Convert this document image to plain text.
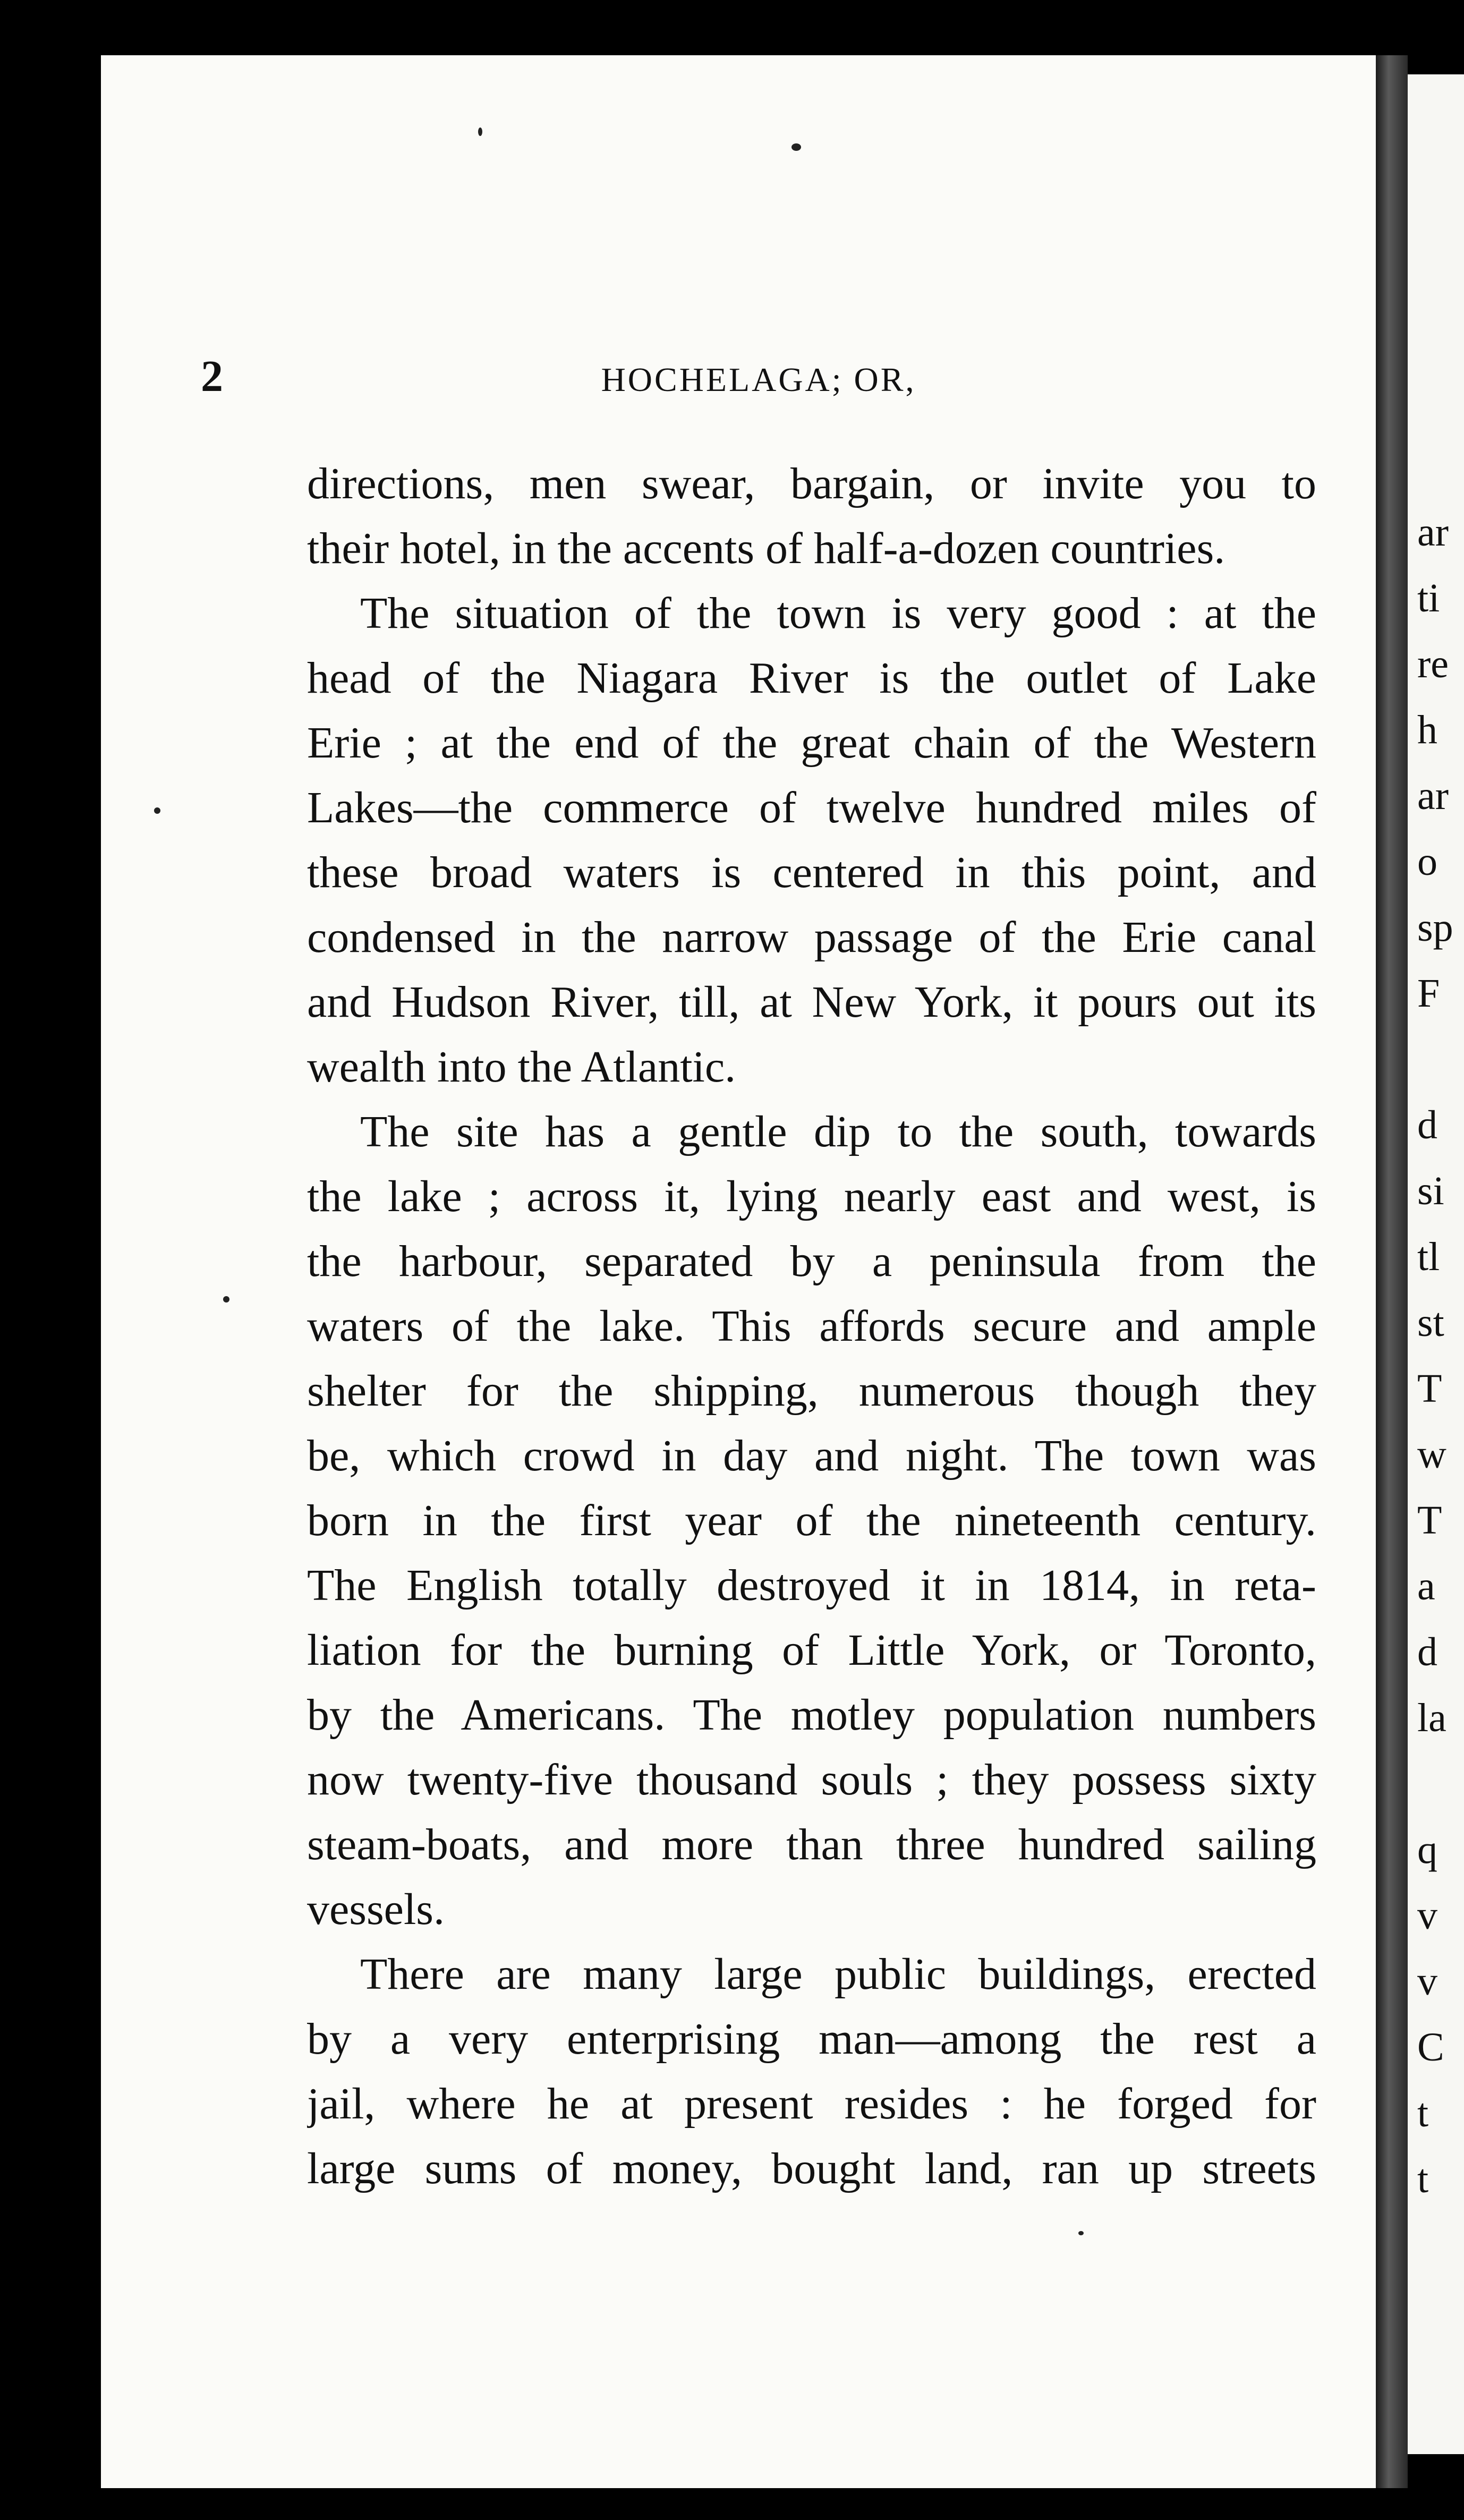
ar
ti
re
h
ar
o
sp
F
d
si
tl
st
T
w
T
a
d
la
q
v
v
C
t
t
2	HOCHELAGA; OR,
directions, men swear, bargain, or invite you to
their hotel, in the accents of half-a-dozen countries.
The situation of the town is very good : at the
head of the Niagara River is the outlet of Lake
Erie ; at the end of the great chain of the Western
Lakes—the commerce of twelve hundred miles of
these broad waters is centered in this point, and
condensed in the narrow passage of the Erie canal
and Hudson River, till, at New York, it pours out its
wealth into the Atlantic.
The site has a gentle dip to the south, towards
the lake ; across it, lying nearly east and west, is
the harbour, separated by a peninsula from the
waters of the lake. This affords secure and ample
shelter for the shipping, numerous though they
be, which crowd in day and night. The town was
born in the first year of the nineteenth century.
The English totally destroyed it in 1814, in reta-
liation for the burning of Little York, or Toronto,
by the Americans. The motley population numbers
now twenty-five thousand souls ; they possess sixty
steam-boats, and more than three hundred sailing
vessels.
There are many large public buildings, erected
by a very enterprising man—among the rest a
jail, where he at present resides : he forged for
large sums of money, bought land, ran up streets
